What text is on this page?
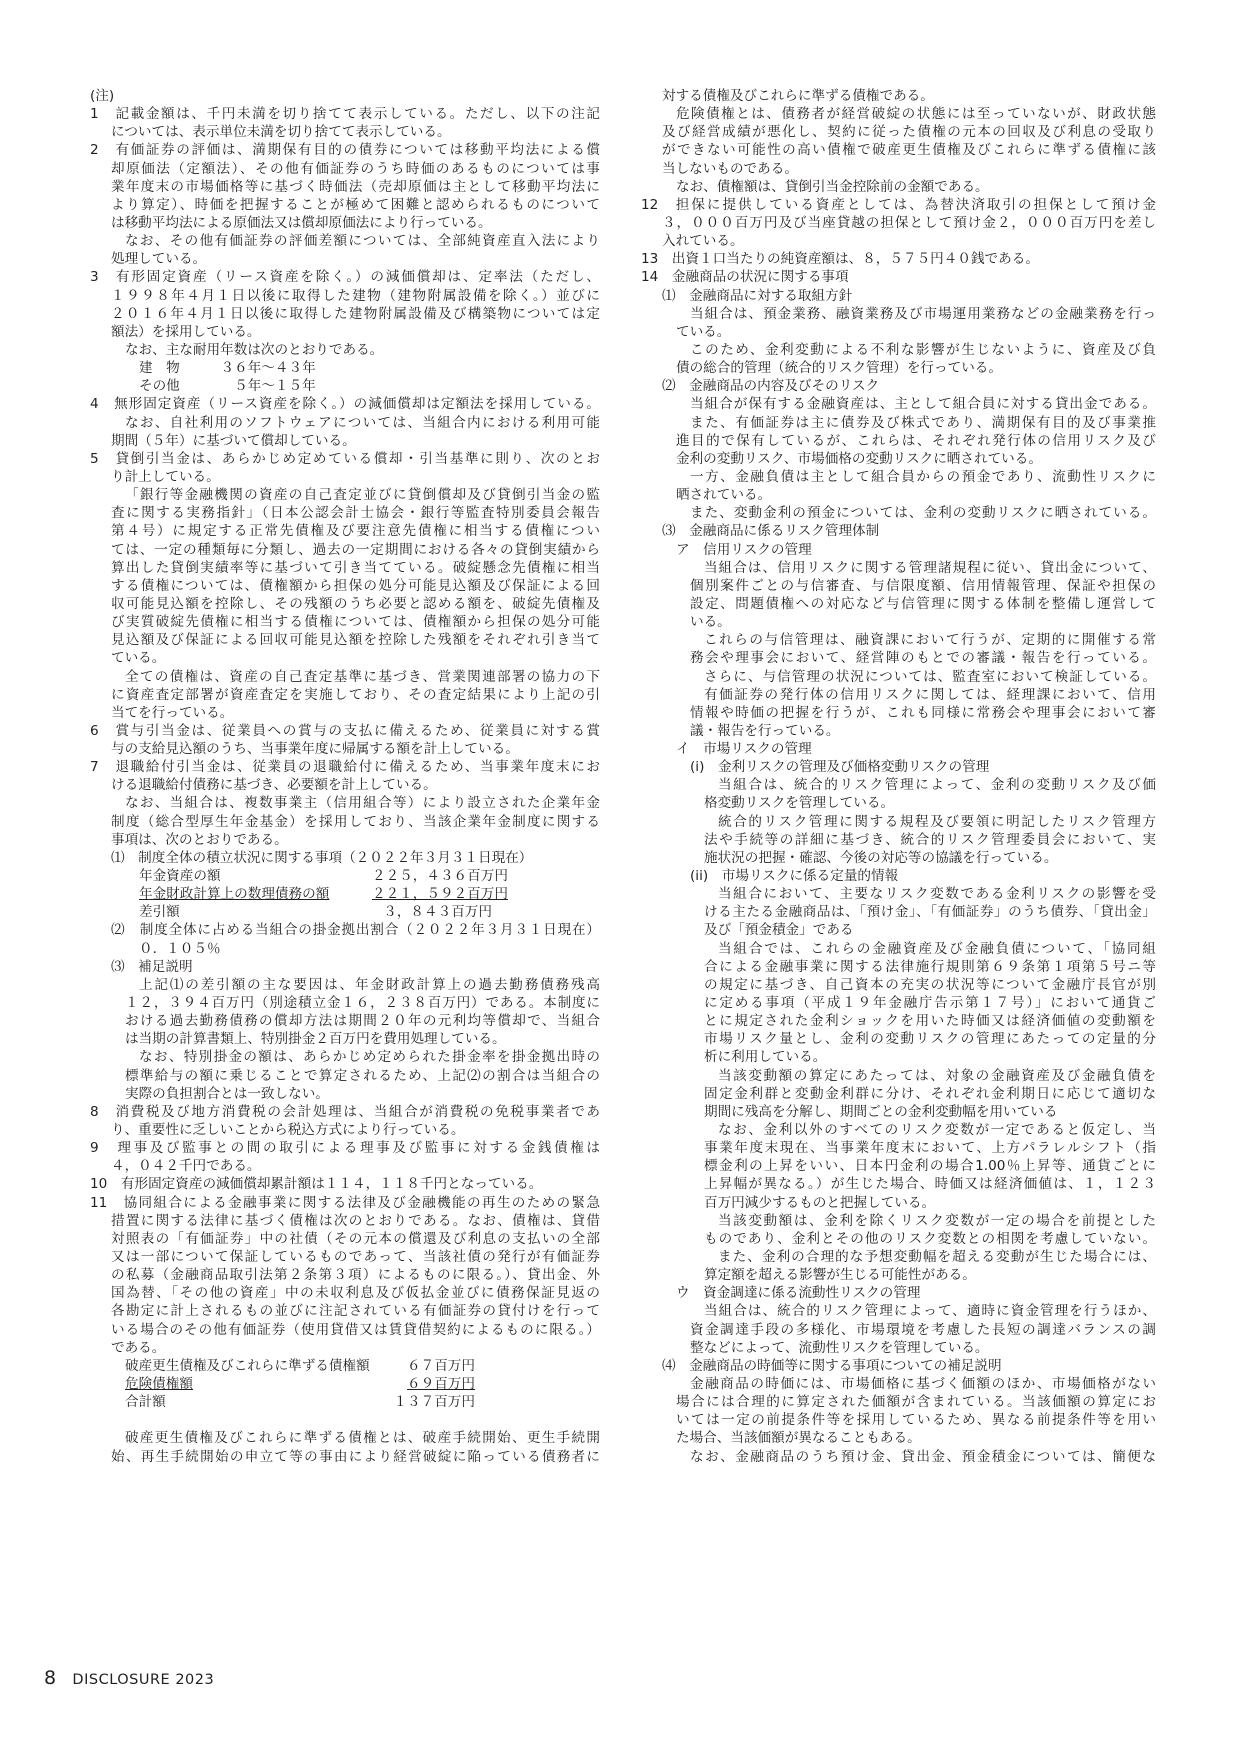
(注)
1　記載金額は、千円未満を切り捨てて表示している。ただし、以下の注記
については、表示単位未満を切り捨てて表示している。
2　有価証券の評価は、満期保有目的の債券については移動平均法による償
却原価法（定額法）、その他有価証券のうち時価のあるものについては事
業年度末の市場価格等に基づく時価法（売却原価は主として移動平均法に
より算定）、時価を把握することが極めて困難と認められるものについて
は移動平均法による原価法又は償却原価法により行っている。
なお、その他有価証券の評価差額については、全部純資産直入法により
処理している。
3　有形固定資産（リース資産を除く。）の減価償却は、定率法（ただし、
１９９８年４月１日以後に取得した建物（建物附属設備を除く。）並びに
２０１６年４月１日以後に取得した建物附属設備及び構築物については定
額法）を採用している。
なお、主な耐用年数は次のとおりである。
建　物　　　３６年～４３年
その他　　　　５年～１５年
4　無形固定資産（リース資産を除く。）の減価償却は定額法を採用している。
なお、自社利用のソフトウェアについては、当組合内における利用可能
期間（５年）に基づいて償却している。
5　貸倒引当金は、あらかじめ定めている償却・引当基準に則り、次のとお
り計上している。
「銀行等金融機関の資産の自己査定並びに貸倒償却及び貸倒引当金の監
査に関する実務指針」（日本公認会計士協会・銀行等監査特別委員会報告
第４号）に規定する正常先債権及び要注意先債権に相当する債権につい
ては、一定の種類毎に分類し、過去の一定期間における各々の貸倒実績から
算出した貸倒実績率等に基づいて引き当てている。破綻懸念先債権に相当
する債権については、債権額から担保の処分可能見込額及び保証による回
収可能見込額を控除し、その残額のうち必要と認める額を、破綻先債権及
び実質破綻先債権に相当する債権については、債権額から担保の処分可能
見込額及び保証による回収可能見込額を控除した残額をそれぞれ引き当て
ている。
全ての債権は、資産の自己査定基準に基づき、営業関連部署の協力の下
に資産査定部署が資産査定を実施しており、その査定結果により上記の引
当てを行っている。
6　賞与引当金は、従業員への賞与の支払に備えるため、従業員に対する賞
与の支給見込額のうち、当事業年度に帰属する額を計上している。
7　退職給付引当金は、従業員の退職給付に備えるため、当事業年度末にお
ける退職給付債務に基づき、必要額を計上している。
なお、当組合は、複数事業主（信用組合等）により設立された企業年金
制度（総合型厚生年金基金）を採用しており、当該企業年金制度に関する
事項は、次のとおりである。
⑴　制度全体の積立状況に関する事項（２０２２年３月３１日現在）
年金資産の額	２２５，４３６百万円
年金財政計算上の数理債務の額	２２１，５９２百万円
差引額	３，８４３百万円
⑵　制度全体に占める当組合の掛金拠出割合（２０２２年３月３１日現在）
０．１０５％
⑶　補足説明
上記⑴の差引額の主な要因は、年金財政計算上の過去勤務債務残高
１２，３９４百万円（別途積立金１６，２３８百万円）である。本制度に
おける過去勤務債務の償却方法は期間２０年の元利均等償却で、当組合
は当期の計算書類上、特別掛金２百万円を費用処理している。
なお、特別掛金の額は、あらかじめ定められた掛金率を掛金拠出時の
標準給与の額に乗じることで算定されるため、上記⑵の割合は当組合の
実際の負担割合とは一致しない。
8　消費税及び地方消費税の会計処理は、当組合が消費税の免税事業者であ
り、重要性に乏しいことから税込方式により行っている。
9　理事及び監事との間の取引による理事及び監事に対する金銭債権は
４，０４２千円である。
10　有形固定資産の減価償却累計額は１１４，１１８千円となっている。
11　協同組合による金融事業に関する法律及び金融機能の再生のための緊急
措置に関する法律に基づく債権は次のとおりである。なお、債権は、貸借
対照表の「有価証券」中の社債（その元本の償還及び利息の支払いの全部
又は一部について保証しているものであって、当該社債の発行が有価証券
の私募（金融商品取引法第２条第３項）によるものに限る。）、貸出金、外
国為替、「その他の資産」中の未収利息及び仮払金並びに債務保証見返の
各勘定に計上されるもの並びに注記されている有価証券の貸付けを行って
いる場合のその他有価証券（使用貸借又は賃貸借契約によるものに限る。）
である。
破産更生債権及びこれらに準ずる債権額	６７百万円
危険債権額	６９百万円
合計額	１３７百万円
破産更生債権及びこれらに準ずる債権とは、破産手続開始、更生手続開
始、再生手続開始の申立て等の事由により経営破綻に陥っている債務者に
対する債権及びこれらに準ずる債権である。
危険債権とは、債務者が経営破綻の状態には至っていないが、財政状態
及び経営成績が悪化し、契約に従った債権の元本の回収及び利息の受取り
ができない可能性の高い債権で破産更生債権及びこれらに準ずる債権に該
当しないものである。
なお、債権額は、貸倒引当金控除前の金額である。
12　担保に提供している資産としては、為替決済取引の担保として預け金
３，０００百万円及び当座貸越の担保として預け金２，０００百万円を差し
入れている。
13　出資１口当たりの純資産額は、８，５７５円４０銭である。
14　金融商品の状況に関する事項
⑴　金融商品に対する取組方針
当組合は、預金業務、融資業務及び市場運用業務などの金融業務を行っ
ている。
このため、金利変動による不利な影響が生じないように、資産及び負
債の総合的管理（統合的リスク管理）を行っている。
⑵　金融商品の内容及びそのリスク
当組合が保有する金融資産は、主として組合員に対する貸出金である。
また、有価証券は主に債券及び株式であり、満期保有目的及び事業推
進目的で保有しているが、これらは、それぞれ発行体の信用リスク及び
金利の変動リスク、市場価格の変動リスクに晒されている。
一方、金融負債は主として組合員からの預金であり、流動性リスクに
晒されている。
また、変動金利の預金については、金利の変動リスクに晒されている。
⑶　金融商品に係るリスク管理体制
ア　信用リスクの管理
当組合は、信用リスクに関する管理諸規程に従い、貸出金について、
個別案件ごとの与信審査、与信限度額、信用情報管理、保証や担保の
設定、問題債権への対応など与信管理に関する体制を整備し運営して
いる。
これらの与信管理は、融資課において行うが、定期的に開催する常
務会や理事会において、経営陣のもとでの審議・報告を行っている。
さらに、与信管理の状況については、監査室において検証している。
有価証券の発行体の信用リスクに関しては、経理課において、信用
情報や時価の把握を行うが、これも同様に常務会や理事会において審
議・報告を行っている。
イ　市場リスクの管理
(i)　金利リスクの管理及び価格変動リスクの管理
当組合は、統合的リスク管理によって、金利の変動リスク及び価
格変動リスクを管理している。
統合的リスク管理に関する規程及び要領に明記したリスク管理方
法や手続等の詳細に基づき、統合的リスク管理委員会において、実
施状況の把握・確認、今後の対応等の協議を行っている。
(ii)　市場リスクに係る定量的情報
当組合において、主要なリスク変数である金利リスクの影響を受
ける主たる金融商品は、「預け金」、「有価証券」のうち債券、「貸出金」
及び「預金積金」である
当組合では、これらの金融資産及び金融負債について、「協同組
合による金融事業に関する法律施行規則第６９条第１項第５号ニ等
の規定に基づき、自己資本の充実の状況等について金融庁長官が別
に定める事項（平成１９年金融庁告示第１７号）」において通貨ご
とに規定された金利ショックを用いた時価又は経済価値の変動額を
市場リスク量とし、金利の変動リスクの管理にあたっての定量的分
析に利用している。
当該変動額の算定にあたっては、対象の金融資産及び金融負債を
固定金利群と変動金利群に分け、それぞれ金利期日に応じて適切な
期間に残高を分解し、期間ごとの金利変動幅を用いている
なお、金利以外のすべてのリスク変数が一定であると仮定し、当
事業年度末現在、当事業年度末において、上方パラレルシフト（指
標金利の上昇をいい、日本円金利の場合1.00％上昇等、通貨ごとに
上昇幅が異なる。）が生じた場合、時価又は経済価値は、１，１２３
百万円減少するものと把握している。
当該変動額は、金利を除くリスク変数が一定の場合を前提とした
ものであり、金利とその他のリスク変数との相関を考慮していない。
また、金利の合理的な予想変動幅を超える変動が生じた場合には、
算定額を超える影響が生じる可能性がある。
ウ　資金調達に係る流動性リスクの管理
当組合は、統合的リスク管理によって、適時に資金管理を行うほか、
資金調達手段の多様化、市場環境を考慮した長短の調達バランスの調
整などによって、流動性リスクを管理している。
⑷　金融商品の時価等に関する事項についての補足説明
金融商品の時価には、市場価格に基づく価額のほか、市場価格がない
場合には合理的に算定された価額が含まれている。当該価額の算定にお
いては一定の前提条件等を採用しているため、異なる前提条件等を用い
た場合、当該価額が異なることもある。
なお、金融商品のうち預け金、貸出金、預金積金については、簡便な
8 DISCLOSURE 2023
